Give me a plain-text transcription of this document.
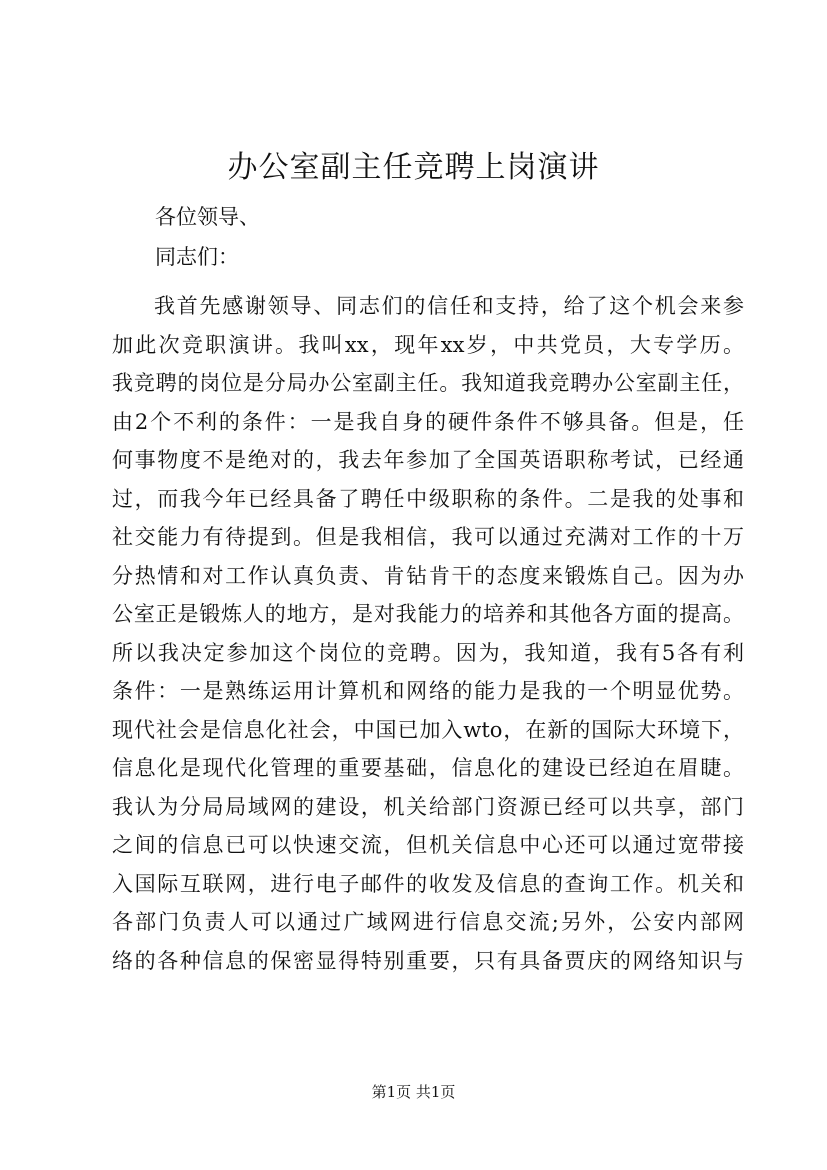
办公室副主任竞聘上岗演讲

各位领导、

同志们：

我首先感谢领导、同志们的信任和支持，给了这个机会来参
加此次竞职演讲。我叫xx，现年xx岁，中共党员，大专学历。
我竞聘的岗位是分局办公室副主任。我知道我竞聘办公室副主任，
由2个不利的条件：一是我自身的硬件条件不够具备。但是，任
何事物度不是绝对的，我去年参加了全国英语职称考试，已经通
过，而我今年已经具备了聘任中级职称的条件。二是我的处事和
社交能力有待提到。但是我相信，我可以通过充满对工作的十万
分热情和对工作认真负责、肯钻肯干的态度来锻炼自己。因为办
公室正是锻炼人的地方，是对我能力的培养和其他各方面的提高。
所以我决定参加这个岗位的竞聘。因为，我知道，我有5各有利
条件：一是熟练运用计算机和网络的能力是我的一个明显优势。
现代社会是信息化社会，中国已加入wto，在新的国际大环境下，
信息化是现代化管理的重要基础，信息化的建设已经迫在眉睫。
我认为分局局域网的建设，机关给部门资源已经可以共享，部门
之间的信息已可以快速交流，但机关信息中心还可以通过宽带接
入国际互联网，进行电子邮件的收发及信息的查询工作。机关和
各部门负责人可以通过广域网进行信息交流;另外，公安内部网
络的各种信息的保密显得特别重要，只有具备贾庆的网络知识与

第1页 共1页
